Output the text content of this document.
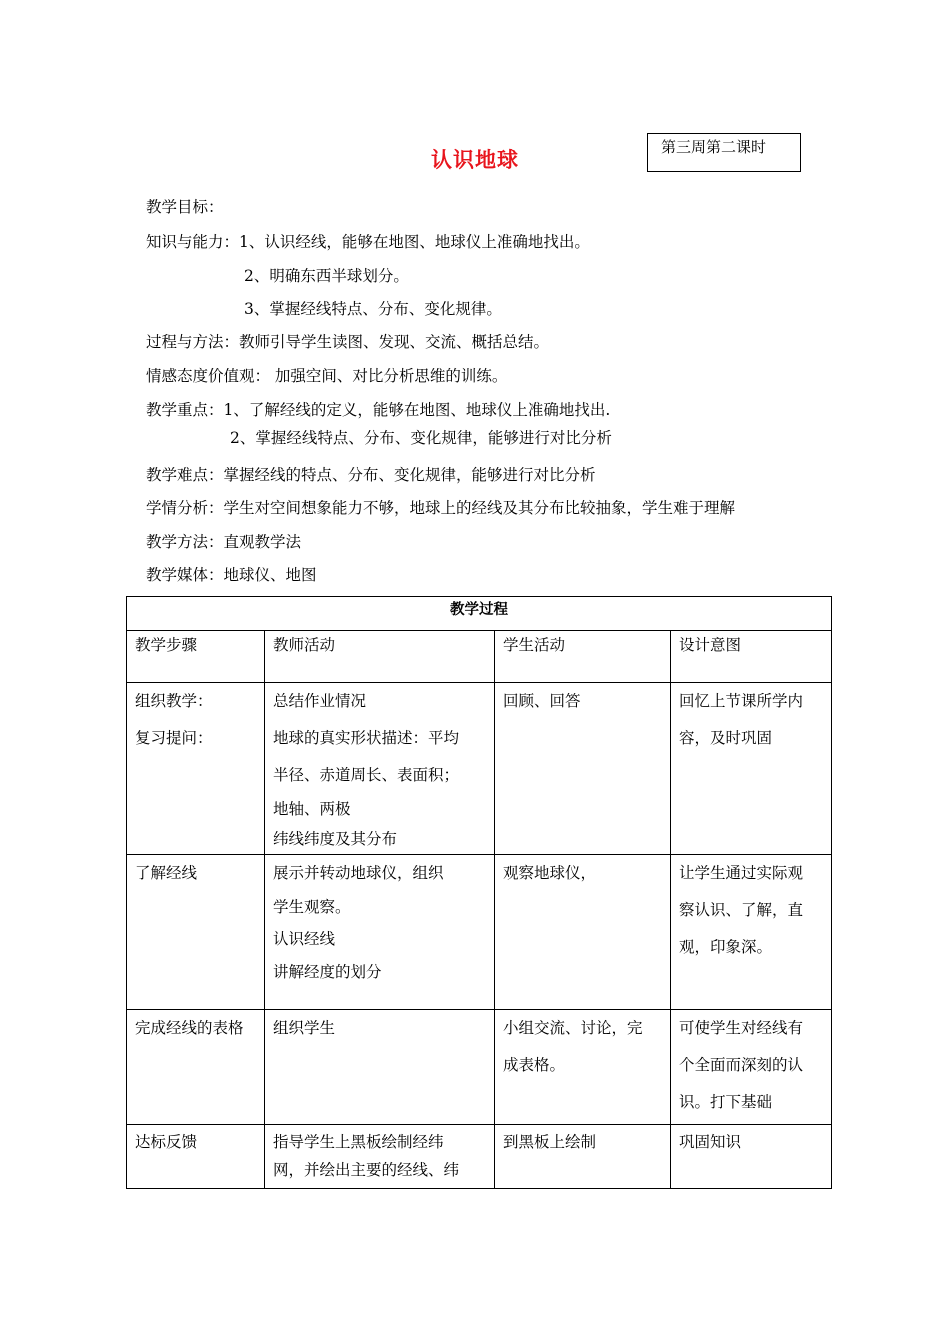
认识地球
第三周第二课时
教学目标：
知识与能力：1、认识经线，能够在地图、地球仪上准确地找出。
2、明确东西半球划分。
3、掌握经线特点、分布、变化规律。
过程与方法：教师引导学生读图、发现、交流、概括总结。
情感态度价值观： 加强空间、对比分析思维的训练。
教学重点：1、了解经线的定义，能够在地图、地球仪上准确地找出.
2、掌握经线特点、分布、变化规律，能够进行对比分析
教学难点：掌握经线的特点、分布、变化规律，能够进行对比分析
学情分析：学生对空间想象能力不够，地球上的经线及其分布比较抽象，学生难于理解
教学方法：直观教学法
教学媒体：地球仪、地图
教学过程			
教学步骤	教师活动	学生活动	设计意图

组织教学：
复习提问：	总结作业情况
地球的真实形状描述：平均
半径、赤道周长、表面积；
地轴、两极
纬线纬度及其分布	回顾、回答	回忆上节课所学内
容，及时巩固

了解经线	展示并转动地球仪，组织
学生观察。
认识经线
讲解经度的划分	观察地球仪，	让学生通过实际观
察认识、了解，直
观，印象深。

完成经线的表格	组织学生	小组交流、讨论，完
成表格。	可使学生对经线有
个全面而深刻的认
识。打下基础

达标反馈	指导学生上黑板绘制经纬
网，并绘出主要的经线、纬	到黑板上绘制	巩固知识
